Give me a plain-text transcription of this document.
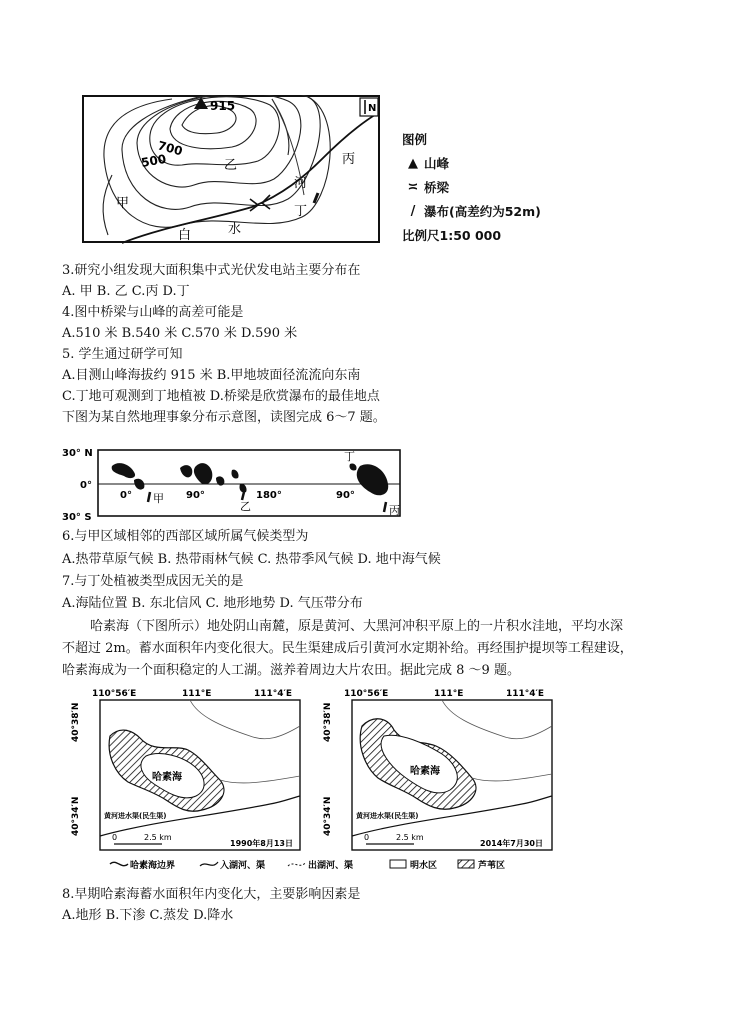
915
700
500
N
甲
乙	丙
丁
河
白	水
图例
▲ 山峰
≍ 桥梁
/ 瀑布(高差约为52m)
比例尺1:50 000
3.研究小组发现大面积集中式光伏发电站主要分布在
A. 甲 B. 乙 C.丙 D.丁
4.图中桥梁与山峰的高差可能是
A.510 米 B.540 米 C.570 米 D.590 米
5. 学生通过研学可知
A.目测山峰海拔约 915 米 B.甲地坡面径流流向东南
C.丁地可观测到丁地植被 D.桥梁是欣赏瀑布的最佳地点
下图为某自然地理事象分布示意图，读图完成 6～7 题。
30° N
0°
30° S
0°	90°	180°	90°
甲
乙	丙
丁
6.与甲区域相邻的西部区域所属气候类型为
A.热带草原气候 B. 热带雨林气候 C. 热带季风气候 D. 地中海气候
7.与丁处植被类型成因无关的是
A.海陆位置 B. 东北信风 C. 地形地势 D. 气压带分布
哈素海（下图所示）地处阴山南麓，原是黄河、大黑河冲积平原上的一片积水洼地，平均水深
不超过 2m。蓄水面积年内变化很大。民生渠建成后引黄河水定期补给。再经围护提坝等工程建设，
哈素海成为一个面积稳定的人工湖。滋养着周边大片农田。据此完成 8 ～9 题。
哈素海
黄河进水渠(民生渠)
0	2.5 km
1990年8月13日
110°56′E	111°E	111°4′E
40°38′N
40°34′N
哈素海
黄河进水渠(民生渠)
0	2.5 km
2014年7月30日
110°56′E	111°E	111°4′E
40°38′N
40°34′N
哈素海边界	入湖河、渠	出湖河、渠	明水区	芦苇区
8.早期哈素海蓄水面积年内变化大，主要影响因素是
A.地形 B.下渗 C.蒸发 D.降水
